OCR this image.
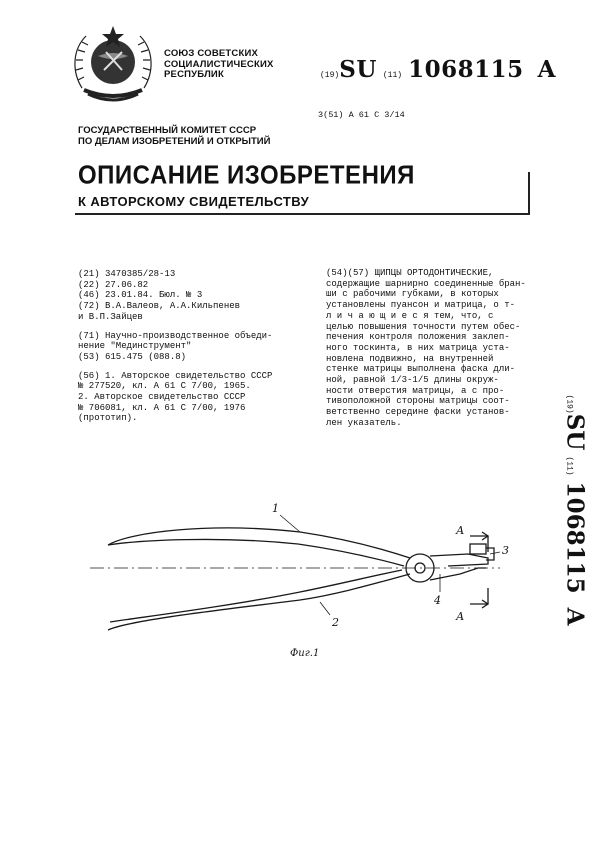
СОЮЗ СОВЕТСКИХ
СОЦИАЛИСТИЧЕСКИХ
РЕСПУБЛИК	(19) SU (11) 1068115 A
3(51) A 61 C 3/14
ГОСУДАРСТВЕННЫЙ КОМИТЕТ СССР
ПО ДЕЛАМ ИЗОБРЕТЕНИЙ И ОТКРЫТИЙ
ОПИСАНИЕ ИЗОБРЕТЕНИЯ
К АВТОРСКОМУ СВИДЕТЕЛЬСТВУ
(21) 3470385/28-13
(22) 27.06.82
(46) 23.01.84. Бюл. № 3
(72) В.А.Валеов, А.А.Кильпенев
и В.П.Зайцев
(71) Научно-производственное объеди-
нение "Мединструмент"
(53) 615.475 (088.8)
(56) 1. Авторское свидетельство СССР
№ 277520, кл. А 61 С 7/00, 1965.
2. Авторское свидетельство СССР
№ 706081, кл. А 61 С 7/00, 1976
(прототип).
(54)(57) ЩИПЦЫ ОРТОДОНТИЧЕСКИЕ,
содержащие шарнирно соединенные бран-
ши с рабочими губками, в которых
установлены пуансон и матрица, о т-
л и ч а ю щ и е с я тем, что, с
целью повышения точности путем обес-
печения контроля положения заклеп-
ного тоскинта, в них матрица уста-
новлена подвижно, на внутренней
стенке матрицы выполнена фаска дли-
ной, равной 1/3-1/5 длины окруж-
ности отверстия матрицы, а с про-
тивоположной стороны матрицы соот-
ветственно середине фаски установ-
лен указатель.
(19)
SU
(11)
1068115
A
1
2
3
4
А
А
Фиг.1
